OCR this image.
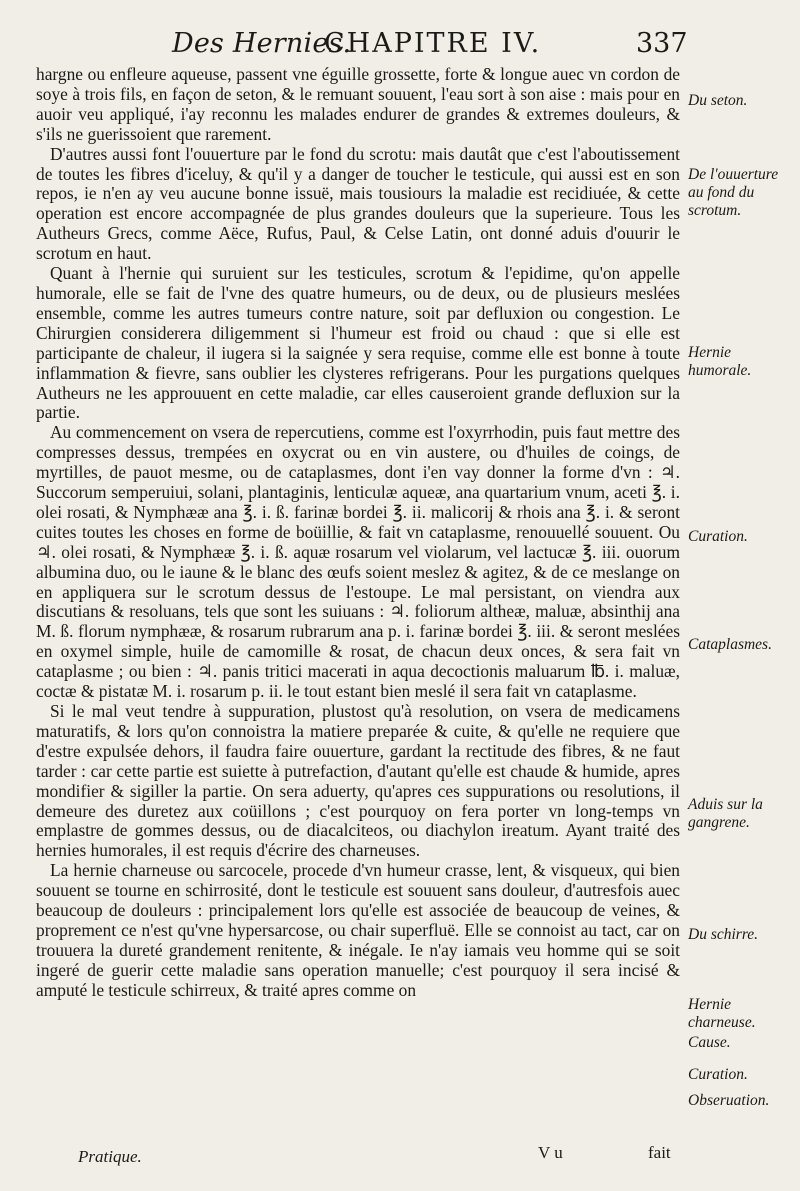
Des Hernies.
CHAPITRE IV.	337

hargne ou enfleure aqueuse, passent vne éguille grossette, forte & longue auec vn cordon de soye à trois fils, en façon de seton, & le remuant souuent, l'eau sort à son aise : mais pour en auoir veu appliqué, i'ay reconnu les malades endurer de grandes & extremes douleurs, & s'ils ne guerissoient que rarement.

D'autres aussi font l'ouuerture par le fond du scrotu: mais dautât que c'est l'aboutissement de toutes les fibres d'iceluy, & qu'il y a danger de toucher le testicule, qui aussi est en son repos, ie n'en ay veu aucune bonne issuë, mais tousiours la maladie est recidiuée, & cette operation est encore accompagnée de plus grandes douleurs que la superieure. Tous les Autheurs Grecs, comme Aëce, Rufus, Paul, & Celse Latin, ont donné aduis d'ouurir le scrotum en haut.

Quant à l'hernie qui suruient sur les testicules, scrotum & l'epidime, qu'on appelle humorale, elle se fait de l'vne des quatre humeurs, ou de deux, ou de plusieurs meslées ensemble, comme les autres tumeurs contre nature, soit par defluxion ou congestion. Le Chirurgien considerera diligemment si l'humeur est froid ou chaud : que si elle est participante de chaleur, il iugera si la saignée y sera requise, comme elle est bonne à toute inflammation & fievre, sans oublier les clysteres refrigerans. Pour les purgations quelques Autheurs ne les approuuent en cette maladie, car elles causeroient grande defluxion sur la partie.

Au commencement on vsera de repercutiens, comme est l'oxyrrhodin, puis faut mettre des compresses dessus, trempées en oxycrat ou en vin austere, ou d'huiles de coings, de myrtilles, de pauot mesme, ou de cataplasmes, dont i'en vay donner la forme d'vn : ♃. Succorum semperuiui, solani, plantaginis, lenticulæ aqueæ, ana quartarium vnum, aceti ℥. i. olei rosati, & Nymphææ ana ℥. i. ß. farinæ bordei ℥. ii. malicorij & rhois ana ℥. i. & seront cuites toutes les choses en forme de boüillie, & fait vn cataplasme, renouuellé souuent. Ou ♃. olei rosati, & Nymphææ ℥. i. ß. aquæ rosarum vel violarum, vel lactucæ ℥. iii. ouorum albumina duo, ou le iaune & le blanc des œufs soient meslez & agitez, & de ce meslange on en appliquera sur le scrotum dessus de l'estoupe. Le mal persistant, on viendra aux discutians & resoluans, tels que sont les suiuans : ♃. foliorum altheæ, maluæ, absinthij ana M. ß. florum nymphææ, & rosarum rubrarum ana p. i. farinæ bordei ℥. iii. & seront meslées en oxymel simple, huile de camomille & rosat, de chacun deux onces, & sera fait vn cataplasme ; ou bien : ♃. panis tritici macerati in aqua decoctionis maluarum ℔. i. maluæ, coctæ & pistatæ M. i. rosarum p. ii. le tout estant bien meslé il sera fait vn cataplasme.

Si le mal veut tendre à suppuration, plustost qu'à resolution, on vsera de medicamens maturatifs, & lors qu'on connoistra la matiere preparée & cuite, & qu'elle ne requiere que d'estre expulsée dehors, il faudra faire ouuerture, gardant la rectitude des fibres, & ne faut tarder : car cette partie est suiette à putrefaction, d'autant qu'elle est chaude & humide, apres mondifier & sigiller la partie. On sera aduerty, qu'apres ces suppurations ou resolutions, il demeure des duretez aux coüillons ; c'est pourquoy on fera porter vn long-temps vn emplastre de gommes dessus, ou de diacalciteos, ou diachylon ireatum. Ayant traité des hernies humorales, il est requis d'écrire des charneuses.

La hernie charneuse ou sarcocele, procede d'vn humeur crasse, lent, & visqueux, qui bien souuent se tourne en schirrosité, dont le testicule est souuent sans douleur, d'autresfois auec beaucoup de douleurs : principalement lors qu'elle est associée de beaucoup de veines, & proprement ce n'est qu'vne hypersarcose, ou chair superfluë. Elle se connoist au tact, car on trouuera la dureté grandement renitente, & inégale. Ie n'ay iamais veu homme qui se soit ingeré de guerir cette maladie sans operation manuelle; c'est pourquoy il sera incisé & amputé le testicule schirreux, & traité apres comme on

Du seton.
De l'ouuerture au fond du scrotum.
Hernie humorale.
Curation.
Cataplasmes.
Aduis sur la gangrene.
Du schirre.
Hernie charneuse.
Cause.
Curation.
Obseruation.
Pratique.	V u	fait
